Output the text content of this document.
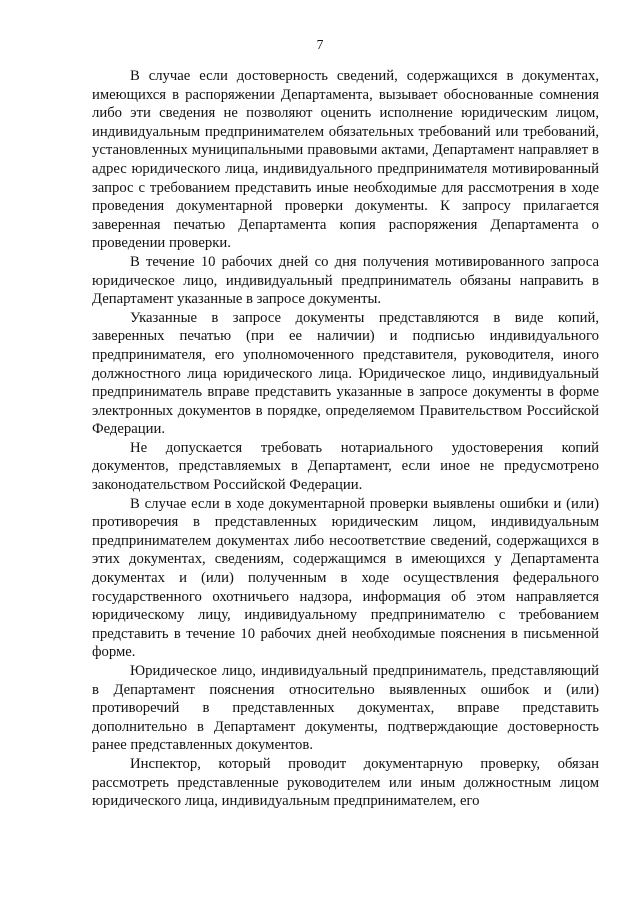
7

В случае если достоверность сведений, содержащихся в документах, имеющихся в распоряжении Департамента, вызывает обоснованные сомнения либо эти сведения не позволяют оценить исполнение юридическим лицом, индивидуальным предпринимателем обязательных требований или требований, установленных муниципальными правовыми актами, Департамент направляет в адрес юридического лица, индивидуального предпринимателя мотивированный запрос с требованием представить иные необходимые для рассмотрения в ходе проведения документарной проверки документы. К запросу прилагается заверенная печатью Департамента копия распоряжения Департамента о проведении проверки.

В течение 10 рабочих дней со дня получения мотивированного запроса юридическое лицо, индивидуальный предприниматель обязаны направить в Департамент указанные в запросе документы.

Указанные в запросе документы представляются в виде копий, заверенных печатью (при ее наличии) и подписью индивидуального предпринимателя, его уполномоченного представителя, руководителя, иного должностного лица юридического лица. Юридическое лицо, индивидуальный предприниматель вправе представить указанные в запросе документы в форме электронных документов в порядке, определяемом Правительством Российской Федерации.

Не допускается требовать нотариального удостоверения копий документов, представляемых в Департамент, если иное не предусмотрено законодательством Российской Федерации.

В случае если в ходе документарной проверки выявлены ошибки и (или) противоречия в представленных юридическим лицом, индивидуальным предпринимателем документах либо несоответствие сведений, содержащихся в этих документах, сведениям, содержащимся в имеющихся у Департамента документах и (или) полученным в ходе осуществления федерального государственного охотничьего надзора, информация об этом направляется юридическому лицу, индивидуальному предпринимателю с требованием представить в течение 10 рабочих дней необходимые пояснения в письменной форме.

Юридическое лицо, индивидуальный предприниматель, представляющий в Департамент пояснения относительно выявленных ошибок и (или) противоречий в представленных документах, вправе представить дополнительно в Департамент документы, подтверждающие достоверность ранее представленных документов.

Инспектор, который проводит документарную проверку, обязан рассмотреть представленные руководителем или иным должностным лицом юридического лица, индивидуальным предпринимателем, его
